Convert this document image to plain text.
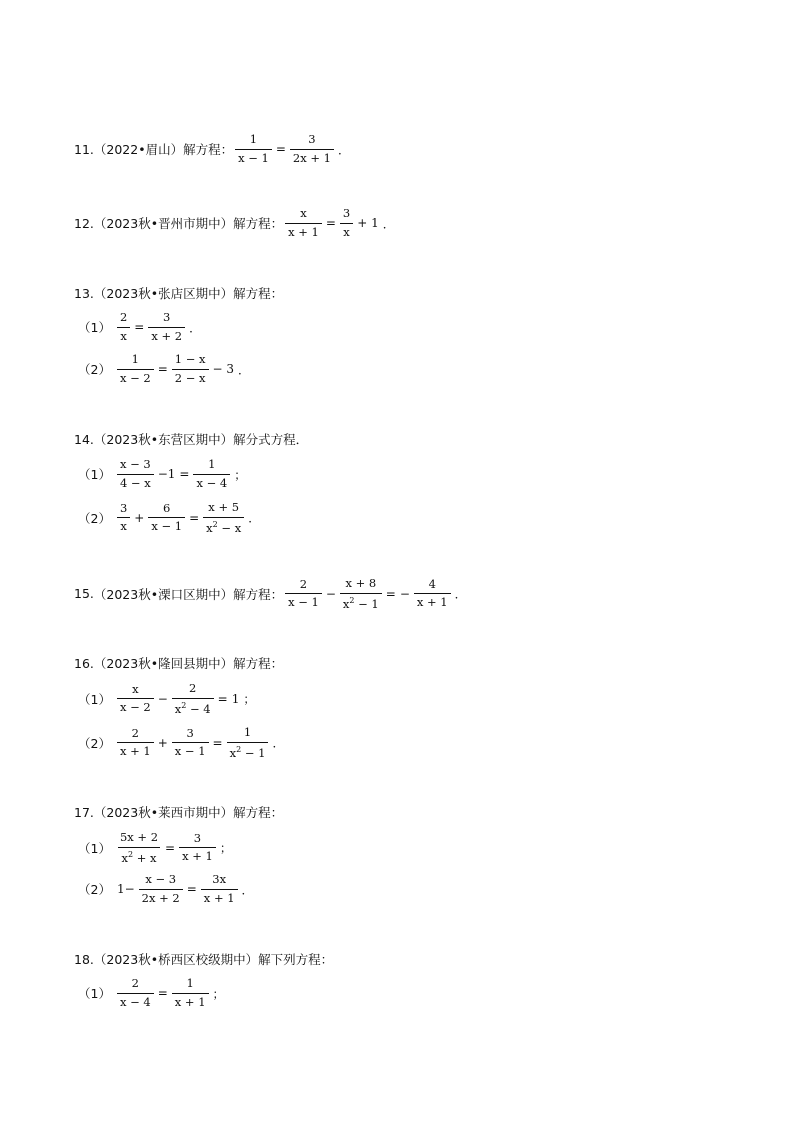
11. （2022•眉山）解方程： $\frac{1}{x - 1} = \frac{3}{2x + 1}$ ．
12. （2023秋•晋州市期中）解方程： $\frac{x}{x + 1} = \frac{3}{x} + 1$ ．
13. （2023秋•张店区期中）解方程：
$(1) \frac{2}{x} = \frac{3}{x + 2}$ ．
$(2) \frac{1}{x - 2} = \frac{1 - x}{2 - x} - 3$ ．
14. （2023秋•东营区期中）解分式方程．
$(1) \frac{x - 3}{4 - x} -1 = \frac{1}{x - 4}$ ；
$(2) \frac{3}{x} + \frac{6}{x - 1} = \frac{x + 5}{x^2 - x}$ ．
15. （2023秋•溧口区期中）解方程： $\frac{2}{x - 1} - \frac{x + 8}{x^2 - 1}$ = − $\frac{4}{x + 1}$ ．
16. （2023秋•隆回县期中）解方程：
$(1) \frac{x}{x - 2} - \frac{2}{x^2 - 4} = 1$ ；
$(2) \frac{2}{x + 1} + \frac{3}{x - 1} = \frac{1}{x^2 - 1}$ ．
17. （2023秋•莱西市期中）解方程：
$(1) \frac{5x + 2}{x^2 + x} = \frac{3}{x + 1}$ ；
（2） $1- \frac{x - 3}{2x + 2} = \frac{3x}{x + 1}$ ．
18. （2023秋•桥西区校级期中）解下列方程：
$(1) \frac{2}{x - 4} = \frac{1}{x + 1}$ ；
